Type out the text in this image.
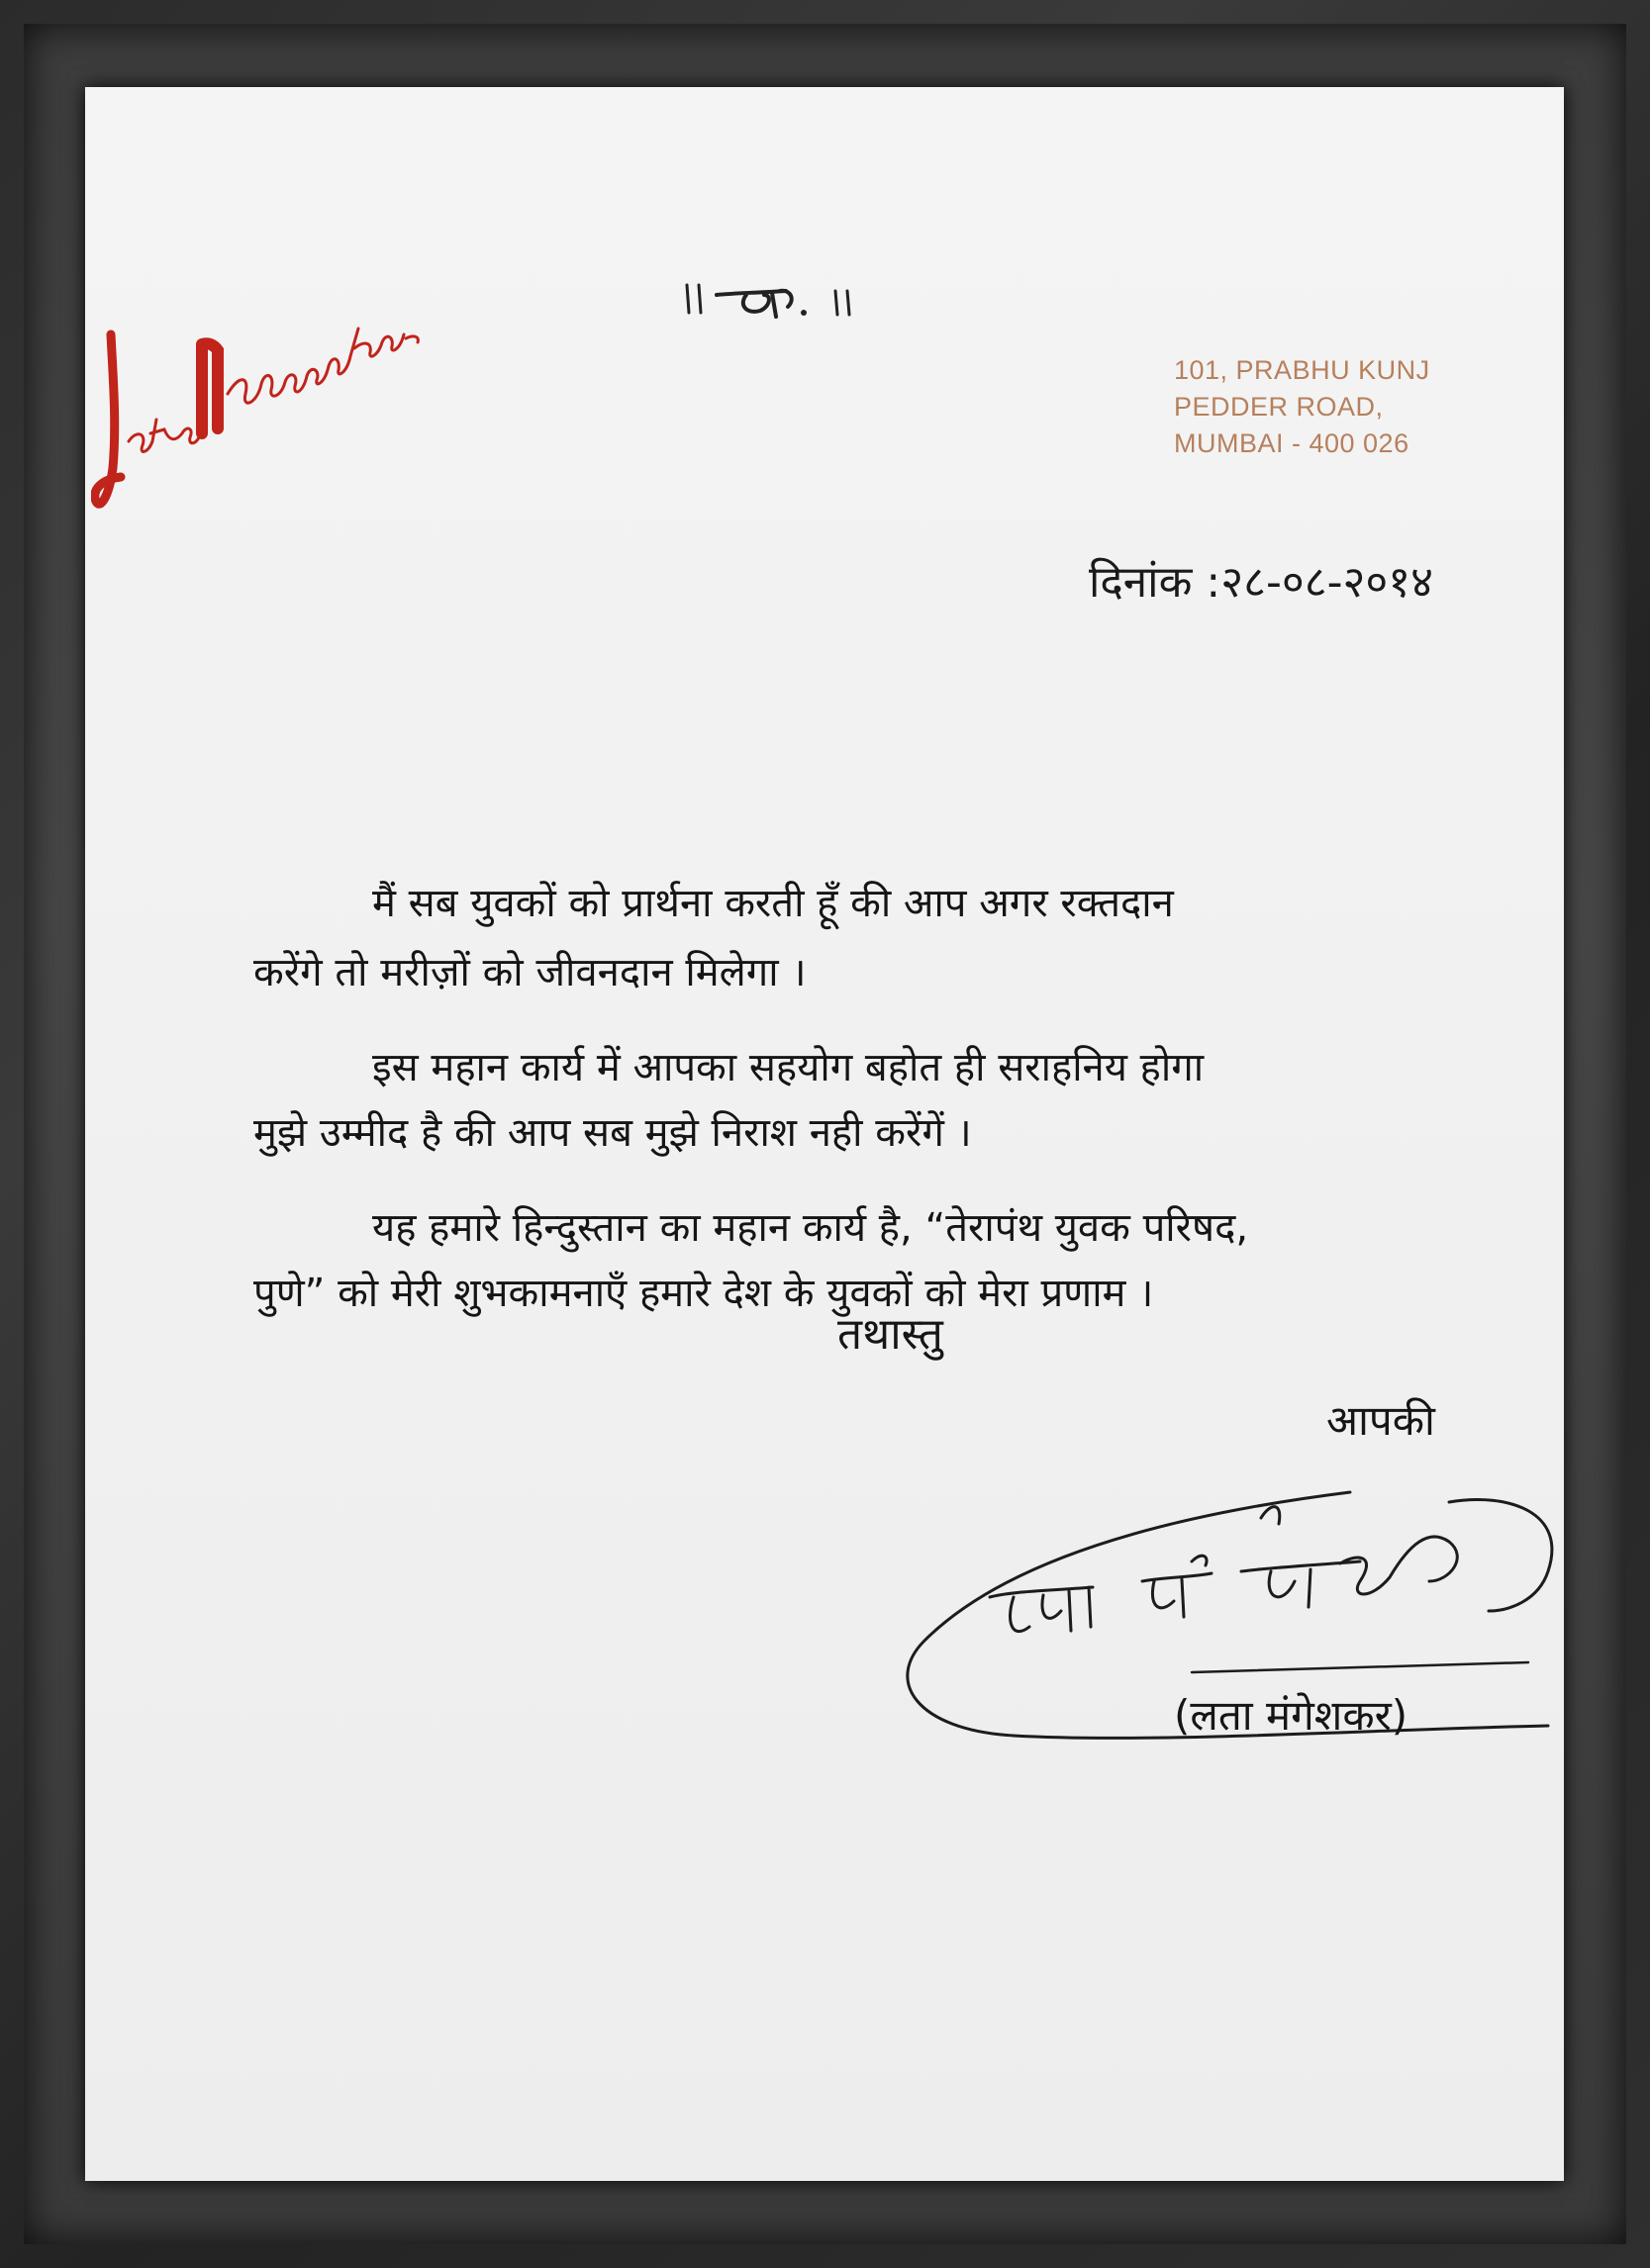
101, PRABHU KUNJ
PEDDER ROAD,
MUMBAI - 400 026
दिनांक :२८-०८-२०१४
मैं सब युवकों को प्रार्थना करती हूँ की आप अगर रक्तदान
करेंगे तो मरीज़ों को जीवनदान मिलेगा ।
इस महान कार्य में आपका सहयोग बहोत ही सराहनिय होगा
मुझे उम्मीद है की आप सब मुझे निराश नही करेंगें ।
यह हमारे हिन्दुस्तान का महान कार्य है, “तेरापंथ युवक परिषद,
पुणे” को मेरी शुभकामनाएँ हमारे देश के युवकों को मेरा प्रणाम ।
तथास्तु
आपकी
(लता मंगेशकर)
